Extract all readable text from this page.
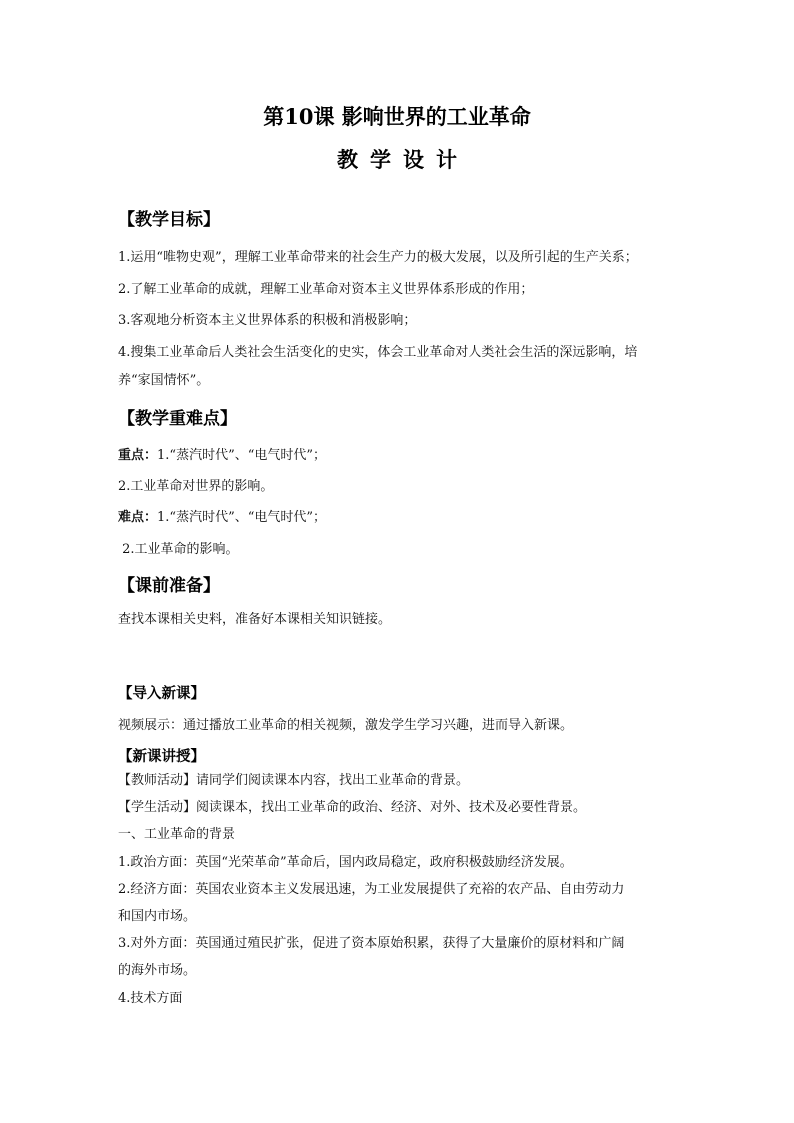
第10课 影响世界的工业革命
教学设计
【教学目标】
1.运用“唯物史观”，理解工业革命带来的社会生产力的极大发展，以及所引起的生产关系；
2.了解工业革命的成就，理解工业革命对资本主义世界体系形成的作用；
3.客观地分析资本主义世界体系的积极和消极影响；
4.搜集工业革命后人类社会生活变化的史实，体会工业革命对人类社会生活的深远影响，培
养“家国情怀”。
【教学重难点】
重点：1.“蒸汽时代”、“电气时代”；
2.工业革命对世界的影响。
难点：1.“蒸汽时代”、“电气时代”；
2.工业革命的影响。
【课前准备】
查找本课相关史料，准备好本课相关知识链接。
【导入新课】
视频展示：通过播放工业革命的相关视频，激发学生学习兴趣，进而导入新课。
【新课讲授】
【教师活动】请同学们阅读课本内容，找出工业革命的背景。
【学生活动】阅读课本，找出工业革命的政治、经济、对外、技术及必要性背景。
一、工业革命的背景
1.政治方面：英国“光荣革命”革命后，国内政局稳定，政府积极鼓励经济发展。
2.经济方面：英国农业资本主义发展迅速，为工业发展提供了充裕的农产品、自由劳动力
和国内市场。
3.对外方面：英国通过殖民扩张，促进了资本原始积累，获得了大量廉价的原材料和广阔
的海外市场。
4.技术方面
